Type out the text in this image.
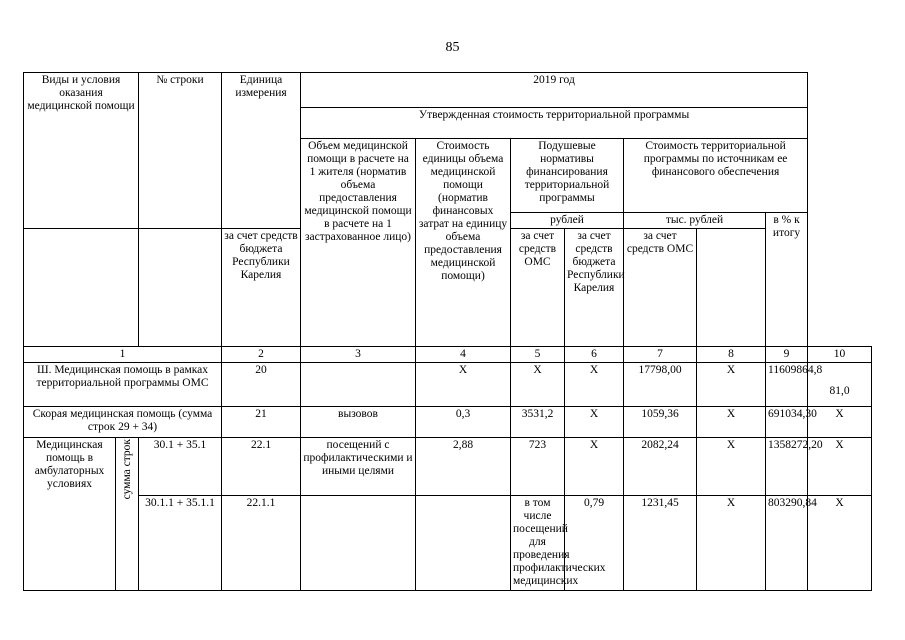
85
Виды и условия оказания медицинской помощи		№ строки	Единица измерения	2019 год							
				Утвержденная стоимость территориальной программы							
				Объем медицинской помощи в расчете на 1 жителя (норматив объема предоставления медицинской помощи в расчете на 1 застрахованное лицо)	Стоимость единицы объема медицинской помощи (норматив финансовых затрат на единицу объема предоставления медицинской помощи)	Подушевые нормативы финансирования территориальной программы		Стоимость территориальной программы по источникам ее финансового обеспечения			
						рублей		тыс. рублей		в % к итогу	
			за счет средств бюджета Республики Карелия			за счет средств ОМС	за счет средств бюджета Республики Карелия	за счет средств ОМС			
1			2	3	4	5	6	7	8	9	10
Ш. Медицинская помощь в рамках территориальной программы ОМС			20		Х	Х	Х	17798,00	Х	11609864,8	81,0
Скорая медицинская помощь (сумма строк 29 + 34)			21	вызовов	0,3	3531,2	Х	1059,36	Х	691034,30	Х
Медицинская помощь в амбулаторных условиях	сумма строк	30.1 + 35.1	22.1	посещений с профилактическими и иными целями	2,88	723	Х	2082,24	Х	1358272,20	Х
		30.1.1 + 35.1.1	22.1.1			в том числе посещений для проведения профилактических медицинских	0,79	1231,45	Х	803290,84	Х
